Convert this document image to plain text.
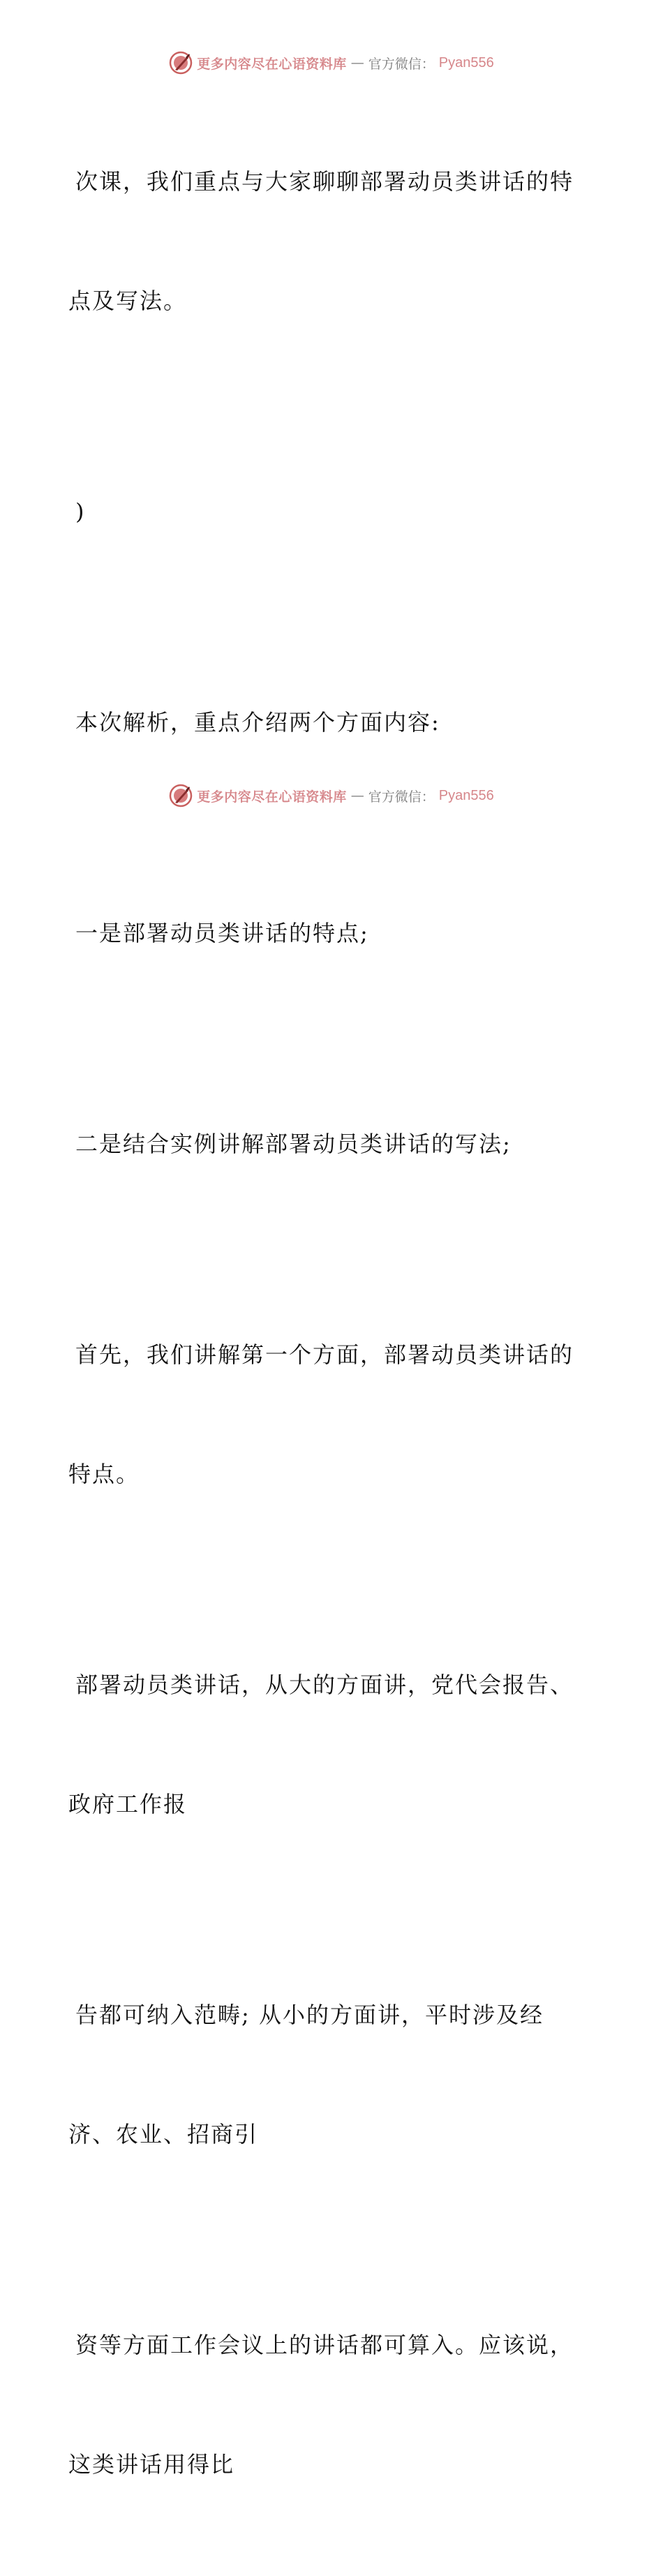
更多内容尽在心语资料库 — 官方微信： Pyan556

次课，我们重点与大家聊聊部署动员类讲话的特

点及写法。

)

本次解析，重点介绍两个方面内容:

一是部署动员类讲话的特点;

二是结合实例讲解部署动员类讲话的写法;

首先，我们讲解第一个方面，部署动员类讲话的

特点。

部署动员类讲话，从大的方面讲，党代会报告、

政府工作报

告都可纳入范畴; 从小的方面讲，平时涉及经

济、农业、招商引

资等方面工作会议上的讲话都可算入。应该说，

这类讲话用得比

更多内容尽在心语资料库 — 官方微信： Pyan556
